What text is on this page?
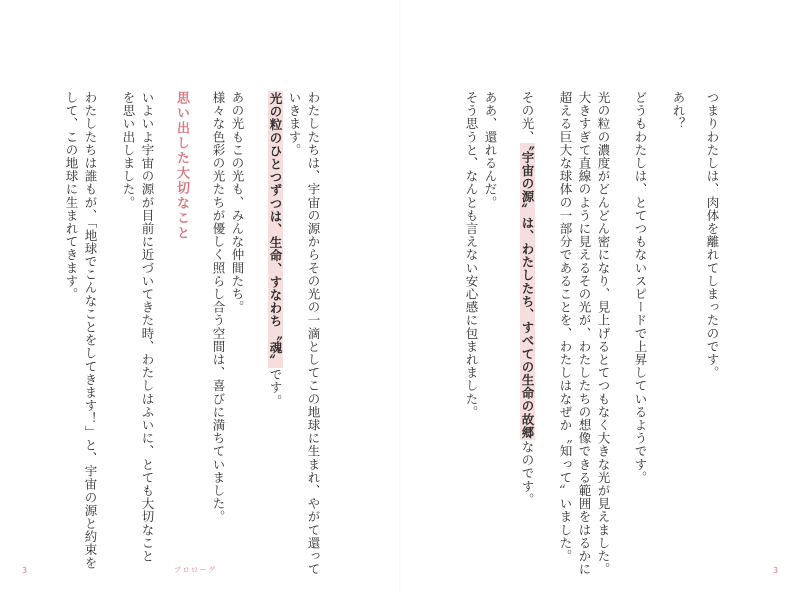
つまりわたしは、肉体を離れてしまったのです。
あれ？
どうもわたしは、とてつもないスピードで上昇しているようです。
光の粒の濃度がどんどん密になり、見上げるとてつもなく大きな光が見えました。
大きすぎて直線のように見えるその光が、わたしたちの想像できる範囲をはるかに
超える巨大な球体の一部分であることを、わたしはなぜか〝知って〟いました。
その光、〝宇宙の源〟は、わたしたち、すべての生命の故郷なのです。
ああ、還れるんだ。
そう思うと、なんとも言えない安心感に包まれました。
3
わたしたちは、宇宙の源からその光の一滴としてこの地球に生まれ、やがて還って
いきます。
光の粒のひとつずつは、生命、すなわち〝魂〟です。
あの光もこの光も、みんな仲間たち。
様々な色彩の光たちが優しく照らし合う空間は、喜びに満ちていました。
思い出した大切なこと
いよいよ宇宙の源が目前に近づいてきた時、わたしはふいに、とても大切なこと
を思い出しました。
わたしたちは誰もが、「地球でこんなことをしてきます！」と、宇宙の源と約束を
して、この地球に生まれてきます。
3	プロローグ
